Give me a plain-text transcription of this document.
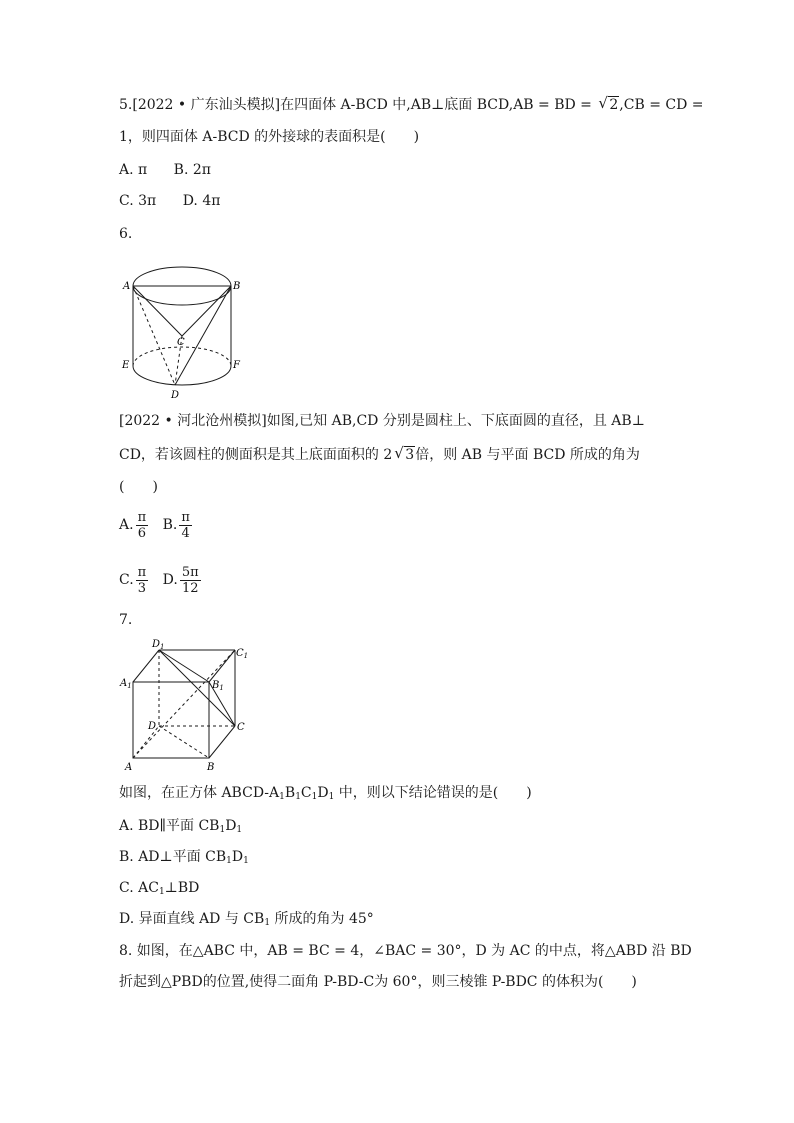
5.[2022 • 广东汕头模拟]在四面体 A-BCD 中,AB⊥底面 BCD,AB = BD = √ 2,CB = CD =
1，则四面体 A-BCD 的外接球的表面积是(　　)
A. π B. 2π
C. 3π D. 4π
6.
A	B
C
D
E	F
[2022 • 河北沧州模拟]如图,已知 AB,CD 分别是圆柱上、下底面圆的直径，且 AB⊥
CD，若该圆柱的侧面积是其上底面面积的 2 √ 3倍，则 AB 与平面 BCD 所成的角为
(　　)
A. $\frac{\pi}{6} B$. $\frac{\pi}{4}$
C. $\frac{\pi}{3} D$. $\frac{5\pi}{12}$
7.
$D_1$
$C_1$
$A_1$	$B_1$
D	C
A	B
如图，在正方体 ABCD-$A_1B_1C_1D_1$ 中，则以下结论错误的是(　　)
A. BD∥平面 $CB_1D_1$
B. AD⊥平面 $CB_1D_1$
C. $AC_1\perp BD$
D. 异面直线 AD 与 $CB_1$ 所成的角为 45°
8. 如图，在△ABC 中，AB = BC = 4，∠BAC = 30°，D 为 AC 的中点，将△ABD 沿 BD
折起到△PBD的位置,使得二面角 P-BD-C为 60°，则三棱锥 P-BDC 的体积为(　　)
